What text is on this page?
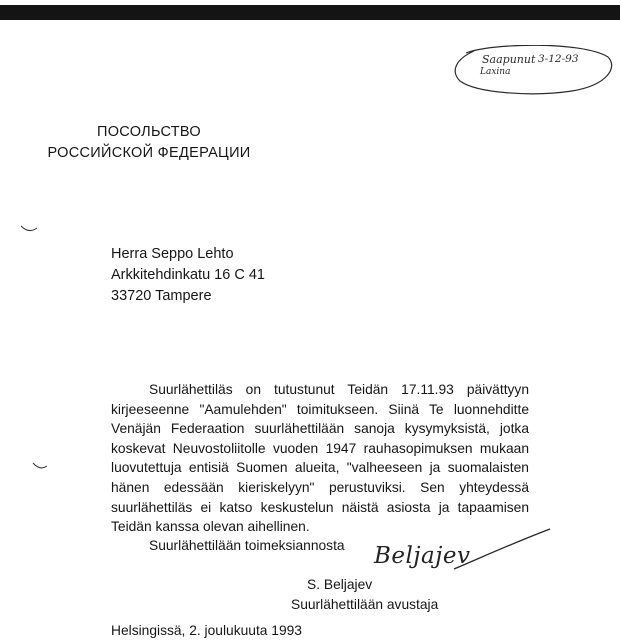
Saapunut 3-12-93
Laxina
ПОСОЛЬСТВО
РОССИЙСКОЙ ФЕДЕРАЦИИ
Herra Seppo Lehto
Arkkitehdinkatu 16 C 41
33720 Tampere
Suurlähettiläs on tutustunut Teidän 17.11.93 päivättyyn kirjeeseenne "Aamulehden" toimitukseen. Siinä Te luonnehditte Venäjän Federaation suurlähettilään sanoja kysymyksistä, jotka koskevat Neuvostoliitolle vuoden 1947 rauhasopimuksen mukaan luovutettuja entisiä Suomen alueita, "valheeseen ja suomalaisten hänen edessään kieriskelyyn" perustuviksi. Sen yhteydessä suurlähettiläs ei katso keskustelun näistä asiosta ja tapaamisen Teidän kanssa olevan aihellinen.
Suurlähettilään toimeksiannosta Beljajev
S. Beljajev
Suurlähettilään avustaja
Helsingissä, 2. joulukuuta 1993
